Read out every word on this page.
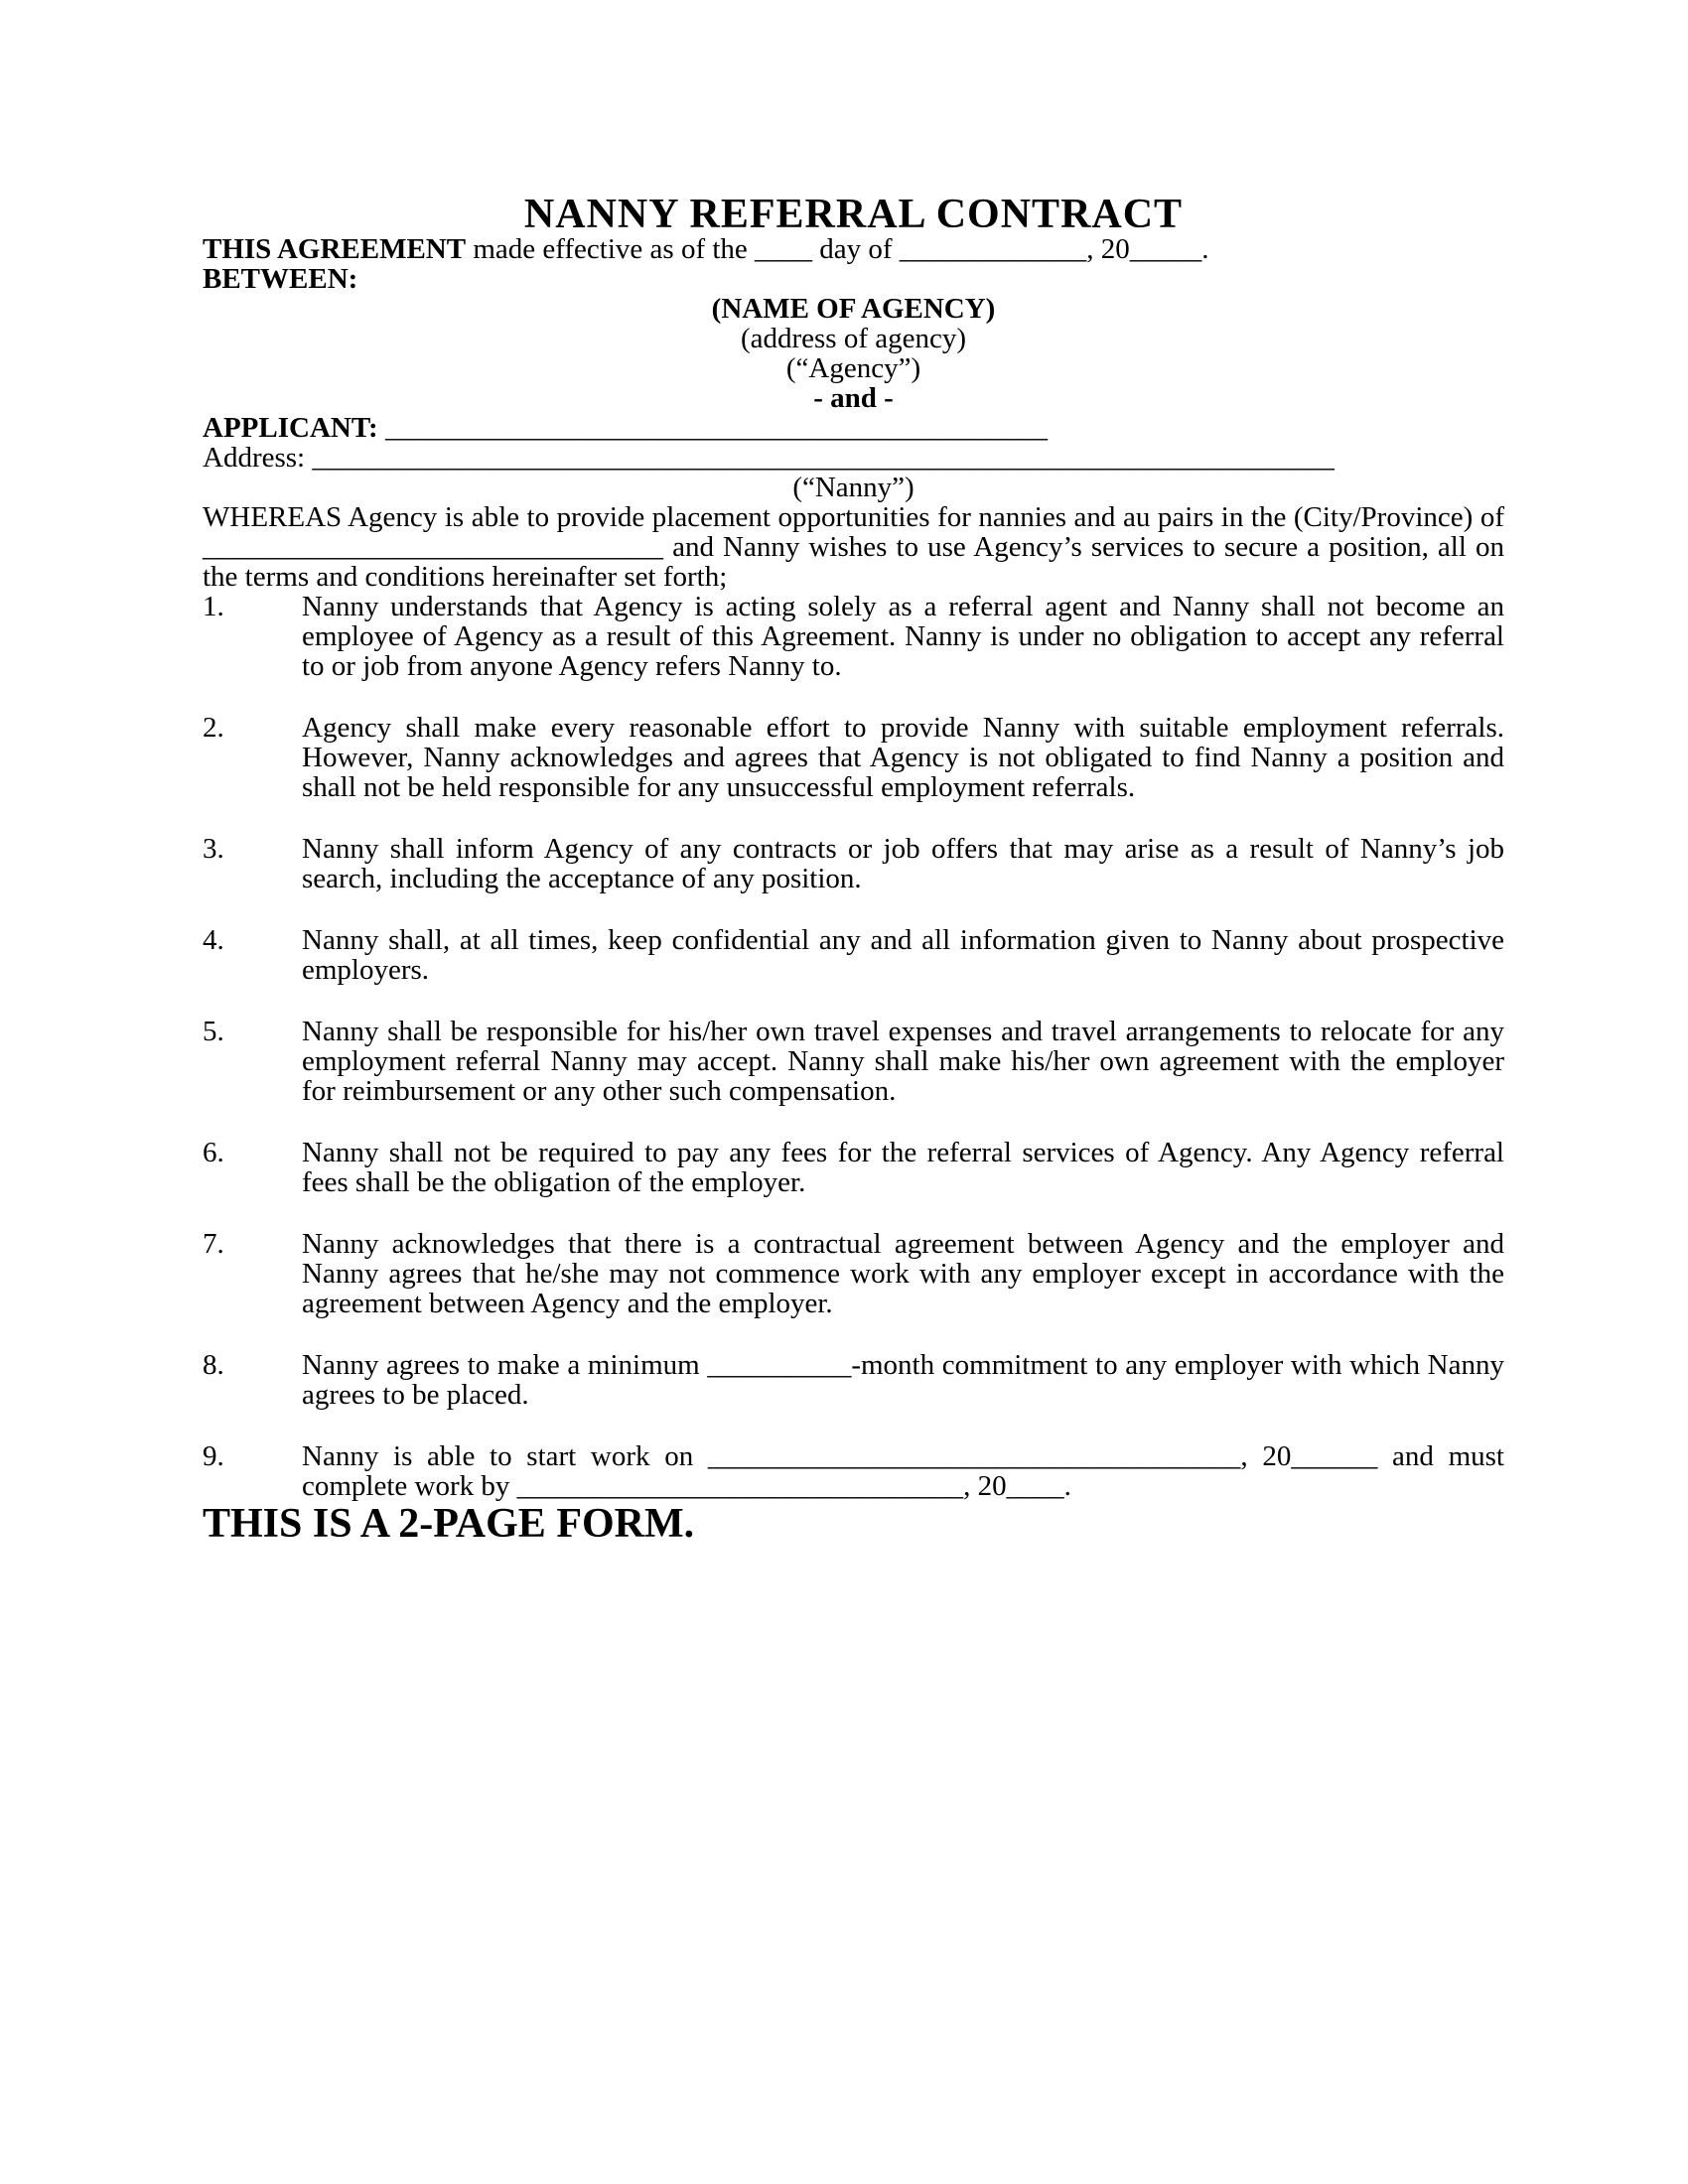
NANNY REFERRAL CONTRACT

THIS AGREEMENT made effective as of the ____ day of _____________, 20_____.

BETWEEN:

(NAME OF AGENCY)
(address of agency)
(“Agency”)
- and -

APPLICANT: ______________________________________________

Address: _______________________________________________________________________

(“Nanny”)

WHEREAS Agency is able to provide placement opportunities for nannies and au pairs in the (City/Province) of ________________________________ and Nanny wishes to use Agency’s services to secure a position, all on the terms and conditions hereinafter set forth;

1.	Nanny understands that Agency is acting solely as a referral agent and Nanny shall not become an employee of Agency as a result of this Agreement. Nanny is under no obligation to accept any referral to or job from anyone Agency refers Nanny to.
2.	Agency shall make every reasonable effort to provide Nanny with suitable employment referrals. However, Nanny acknowledges and agrees that Agency is not obligated to find Nanny a position and shall not be held responsible for any unsuccessful employment referrals.
3.	Nanny shall inform Agency of any contracts or job offers that may arise as a result of Nanny’s job search, including the acceptance of any position.
4.	Nanny shall, at all times, keep confidential any and all information given to Nanny about prospective employers.
5.	Nanny shall be responsible for his/her own travel expenses and travel arrangements to relocate for any employment referral Nanny may accept. Nanny shall make his/her own agreement with the employer for reimbursement or any other such compensation.
6.	Nanny shall not be required to pay any fees for the referral services of Agency. Any Agency referral fees shall be the obligation of the employer.
7.	Nanny acknowledges that there is a contractual agreement between Agency and the employer and Nanny agrees that he/she may not commence work with any employer except in accordance with the agreement between Agency and the employer.
8.	Nanny agrees to make a minimum __________-month commitment to any employer with which Nanny agrees to be placed.
9.	Nanny is able to start work on _____________________________________, 20______ and must complete work by _______________________________, 20____.
THIS IS A 2-PAGE FORM.
